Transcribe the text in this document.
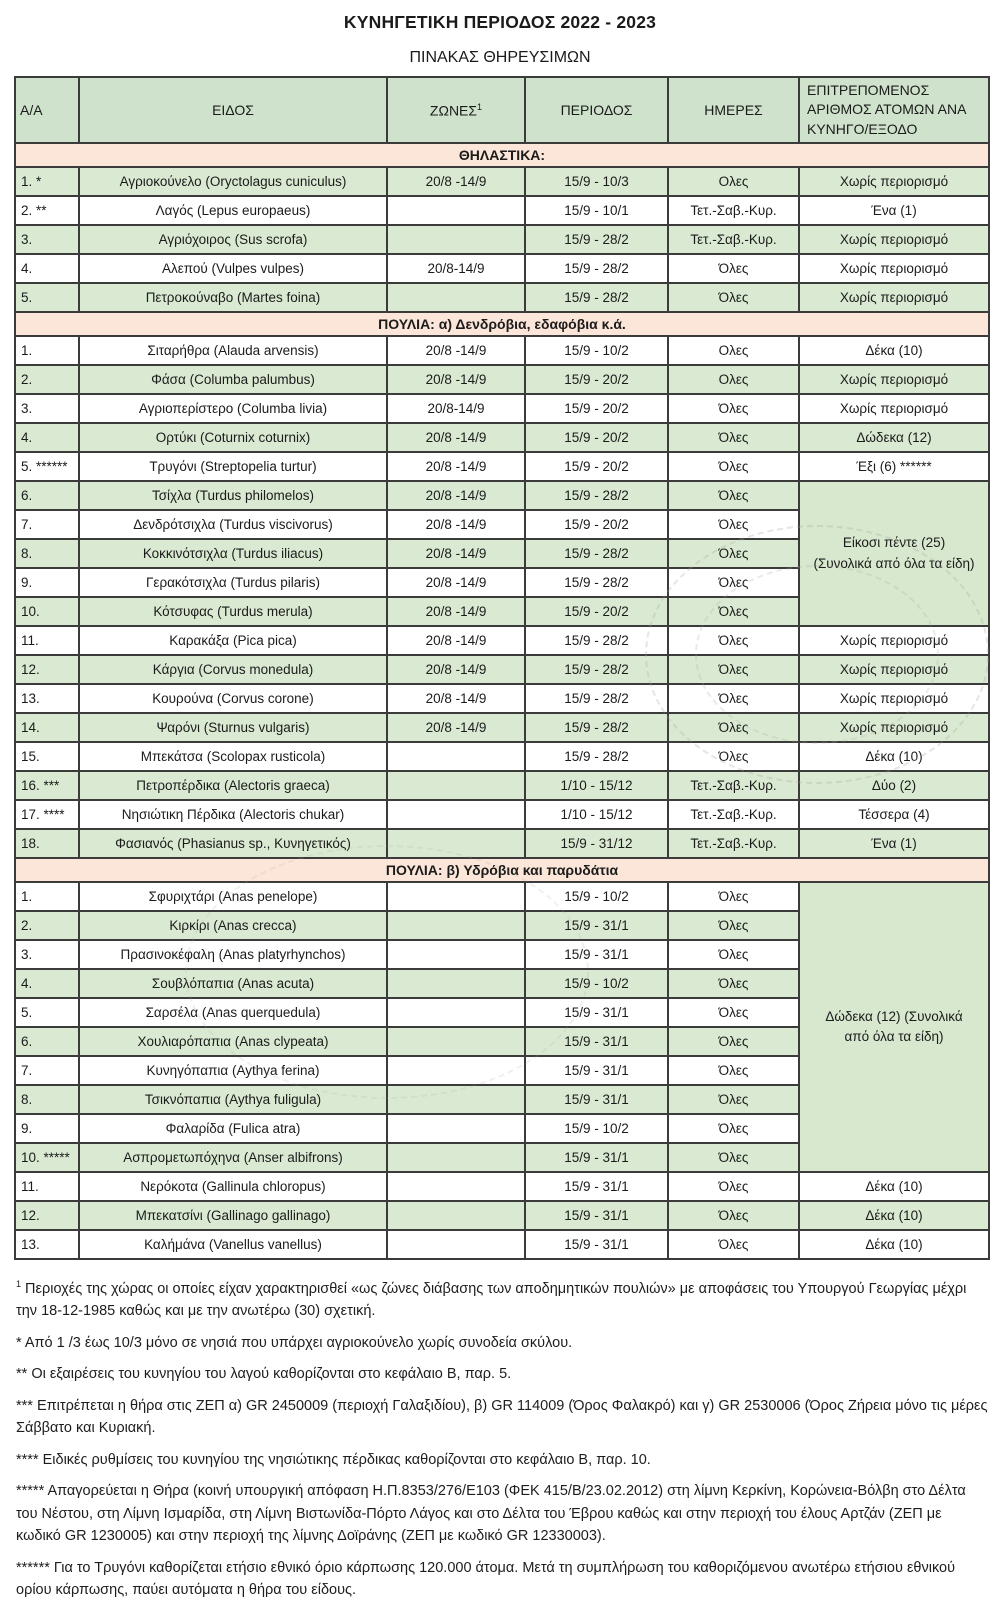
ΚΥΝΗΓΕΤΙΚΗ ΠΕΡΙΟΔΟΣ 2022 - 2023
ΠΙΝΑΚΑΣ ΘΗΡΕΥΣΙΜΩΝ
Α/Α	ΕΙΔΟΣ	ΖΩΝΕΣ$^1$	ΠΕΡΙΟΔΟΣ	ΗΜΕΡΕΣ	ΕΠΙΤΡΕΠΟΜΕΝΟΣ ΑΡΙΘΜΟΣ ΑΤΟΜΩΝ ΑΝΑ ΚΥΝΗΓΟ/ΕΞΟΔΟ
ΘΗΛΑΣΤΙΚΑ:					
1. *	Αγριοκούνελο (Oryctolagus cuniculus)	20/8 -14/9	15/9 - 10/3	Ολες	Χωρίς περιορισμό
2. **	Λαγός (Lepus europaeus)		15/9 - 10/1	Τετ.-Σαβ.-Κυρ.	Ένα (1)
3.	Αγριόχοιρος (Sus scrofa)		15/9 - 28/2	Τετ.-Σαβ.-Κυρ.	Χωρίς περιορισμό
4.	Αλεπού (Vulpes vulpes)	20/8-14/9	15/9 - 28/2	Όλες	Χωρίς περιορισμό
5.	Πετροκούναβο (Martes foina)		15/9 - 28/2	Όλες	Χωρίς περιορισμό
ΠΟΥΛΙΑ: α) Δενδρόβια, εδαφόβια κ.ά.					
1.	Σιταρήθρα (Alauda arvensis)	20/8 -14/9	15/9 - 10/2	Ολες	Δέκα (10)
2.	Φάσα (Columba palumbus)	20/8 -14/9	15/9 - 20/2	Ολες	Χωρίς περιορισμό
3.	Αγριοπερίστερο (Columba livia)	20/8-14/9	15/9 - 20/2	Όλες	Χωρίς περιορισμό
4.	Ορτύκι (Coturnix coturnix)	20/8 -14/9	15/9 - 20/2	Όλες	Δώδεκα (12)
5. ******	Τρυγόνι (Streptopelia turtur)	20/8 -14/9	15/9 - 20/2	Όλες	Έξι (6) ******
6.	Τσίχλα (Turdus philomelos)	20/8 -14/9	15/9 - 28/2	Όλες	Είκοσι πέντε (25) (Συνολικά από όλα τα είδη)
7.	Δενδρότσιχλα (Turdus viscivorus)	20/8 -14/9	15/9 - 20/2	Όλες	
8.	Κοκκινότσιχλα (Turdus iliacus)	20/8 -14/9	15/9 - 28/2	Όλες	
9.	Γερακότσιχλα (Turdus pilaris)	20/8 -14/9	15/9 - 28/2	Όλες	
10.	Κότσυφας (Turdus merula)	20/8 -14/9	15/9 - 20/2	Όλες	
11.	Καρακάξα (Pica pica)	20/8 -14/9	15/9 - 28/2	Όλες	Χωρίς περιορισμό
12.	Κάργια (Corvus monedula)	20/8 -14/9	15/9 - 28/2	Όλες	Χωρίς περιορισμό
13.	Κουρούνα (Corvus corone)	20/8 -14/9	15/9 - 28/2	Όλες	Χωρίς περιορισμό
14.	Ψαρόνι (Sturnus vulgaris)	20/8 -14/9	15/9 - 28/2	Όλες	Χωρίς περιορισμό
15.	Μπεκάτσα (Scolopax rusticola)		15/9 - 28/2	Όλες	Δέκα (10)
16. ***	Πετροπέρδικα (Alectoris graeca)		1/10 - 15/12	Τετ.-Σαβ.-Κυρ.	Δύο (2)
17. ****	Νησιώτικη Πέρδικα (Alectoris chukar)		1/10 - 15/12	Τετ.-Σαβ.-Κυρ.	Τέσσερα (4)
18.	Φασιανός (Phasianus sp., Κυνηγετικός)		15/9 - 31/12	Τετ.-Σαβ.-Κυρ.	Ένα (1)
ΠΟΥΛΙΑ: β) Υδρόβια και παρυδάτια					
1.	Σφυριχτάρι (Anas penelope)		15/9 - 10/2	Όλες	Δώδεκα (12) (Συνολικά από όλα τα είδη)
2.	Κιρκίρι (Anas crecca)		15/9 - 31/1	Όλες	
3.	Πρασινοκέφαλη (Anas platyrhynchos)		15/9 - 31/1	Όλες	
4.	Σουβλόπαπια (Anas acuta)		15/9 - 10/2	Όλες	
5.	Σαρσέλα (Anas querquedula)		15/9 - 31/1	Όλες	
6.	Χουλιαρόπαπια (Anas clypeata)		15/9 - 31/1	Όλες	
7.	Κυνηγόπαπια (Aythya ferina)		15/9 - 31/1	Όλες	
8.	Τσικνόπαπια (Aythya fuligula)		15/9 - 31/1	Όλες	
9.	Φαλαρίδα (Fulica atra)		15/9 - 10/2	Όλες	
10. *****	Ασπρομετωπόχηνα (Anser albifrons)		15/9 - 31/1	Όλες	
11.	Νερόκοτα (Gallinula chloropus)		15/9 - 31/1	Όλες	Δέκα (10)
12.	Μπεκατσίνι (Gallinago gallinago)		15/9 - 31/1	Όλες	Δέκα (10)
13.	Καλήμάνα (Vanellus vanellus)		15/9 - 31/1	Όλες	Δέκα (10)
$^1$ Περιοχές της χώρας οι οποίες είχαν χαρακτηρισθεί «ως ζώνες διάβασης των αποδημητικών πουλιών» με αποφάσεις του Υπουργού Γεωργίας μέχρι την 18-12-1985 καθώς και με την ανωτέρω (30) σχετική.
* Από 1 /3 έως 10/3 μόνο σε νησιά που υπάρχει αγριοκούνελο χωρίς συνοδεία σκύλου.
** Οι εξαιρέσεις του κυνηγίου του λαγού καθορίζονται στο κεφάλαιο Β, παρ. 5.
*** Επιτρέπεται η θήρα στις ΖΕΠ α) GR 2450009 (περιοχή Γαλαξιδίου), β) GR 114009 (Όρος Φαλακρό) και γ) GR 2530006 (Όρος Ζήρεια μόνο τις μέρες Σάββατο και Κυριακή.
**** Ειδικές ρυθμίσεις του κυνηγίου της νησιώτικης πέρδικας καθορίζονται στο κεφάλαιο Β, παρ. 10.
***** Απαγορεύεται η Θήρα (κοινή υπουργική απόφαση Η.Π.8353/276/Ε103 (ΦΕΚ 415/Β/23.02.2012) στη λίμνη Κερκίνη, Κορώνεια-Βόλβη στο Δέλτα του Νέστου, στη Λίμνη Ισμαρίδα, στη Λίμνη Βιστωνίδα-Πόρτο Λάγος και στο Δέλτα του Έβρου καθώς και στην περιοχή του έλους Αρτζάν (ΖΕΠ με κωδικό GR 1230005) και στην περιοχή της λίμνης Δοϊράνης (ΖΕΠ με κωδικό GR 12330003).
****** Για το Τρυγόνι καθορίζεται ετήσιο εθνικό όριο κάρπωσης 120.000 άτομα. Μετά τη συμπλήρωση του καθοριζόμενου ανωτέρω ετήσιου εθνικού ορίου κάρπωσης, παύει αυτόματα η θήρα του είδους.
